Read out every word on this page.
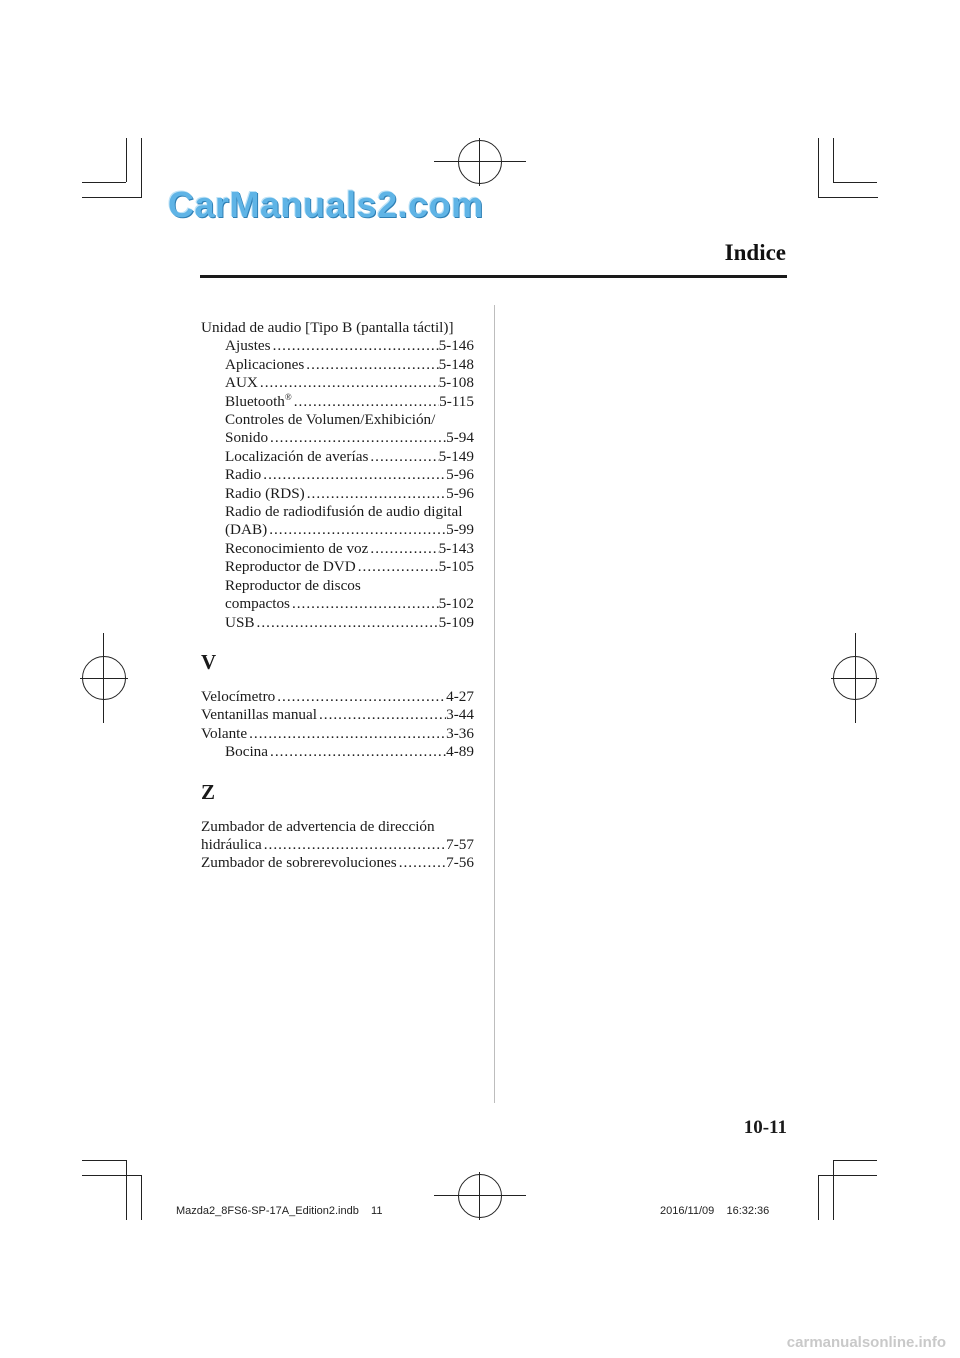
CarManuals2.com
Indice
Unidad de audio [Tipo B (pantalla táctil)]
Ajustes .....	5-146
Aplicaciones .....	5-148
AUX .....	5-108
Bluetooth® .....	5-115
Controles de Volumen/Exhibición/
Sonido .....	5-94
Localización de averías .....	5-149
Radio .....	5-96
Radio (RDS) .....	5-96
Radio de radiodifusión de audio digital
(DAB) .....	5-99
Reconocimiento de voz .....	5-143
Reproductor de DVD .....	5-105
Reproductor de discos
compactos .....	5-102
USB .....	5-109
V
Velocímetro .....	4-27
Ventanillas manual .....	3-44
Volante .....	3-36
Bocina .....	4-89
Z
Zumbador de advertencia de dirección
hidráulica .....	7-57
Zumbador de sobrerevoluciones .....	7-56
10-11
Mazda2_8FS6-SP-17A_Edition2.indb    11	2016/11/09    16:32:36
carmanualsonline.info
